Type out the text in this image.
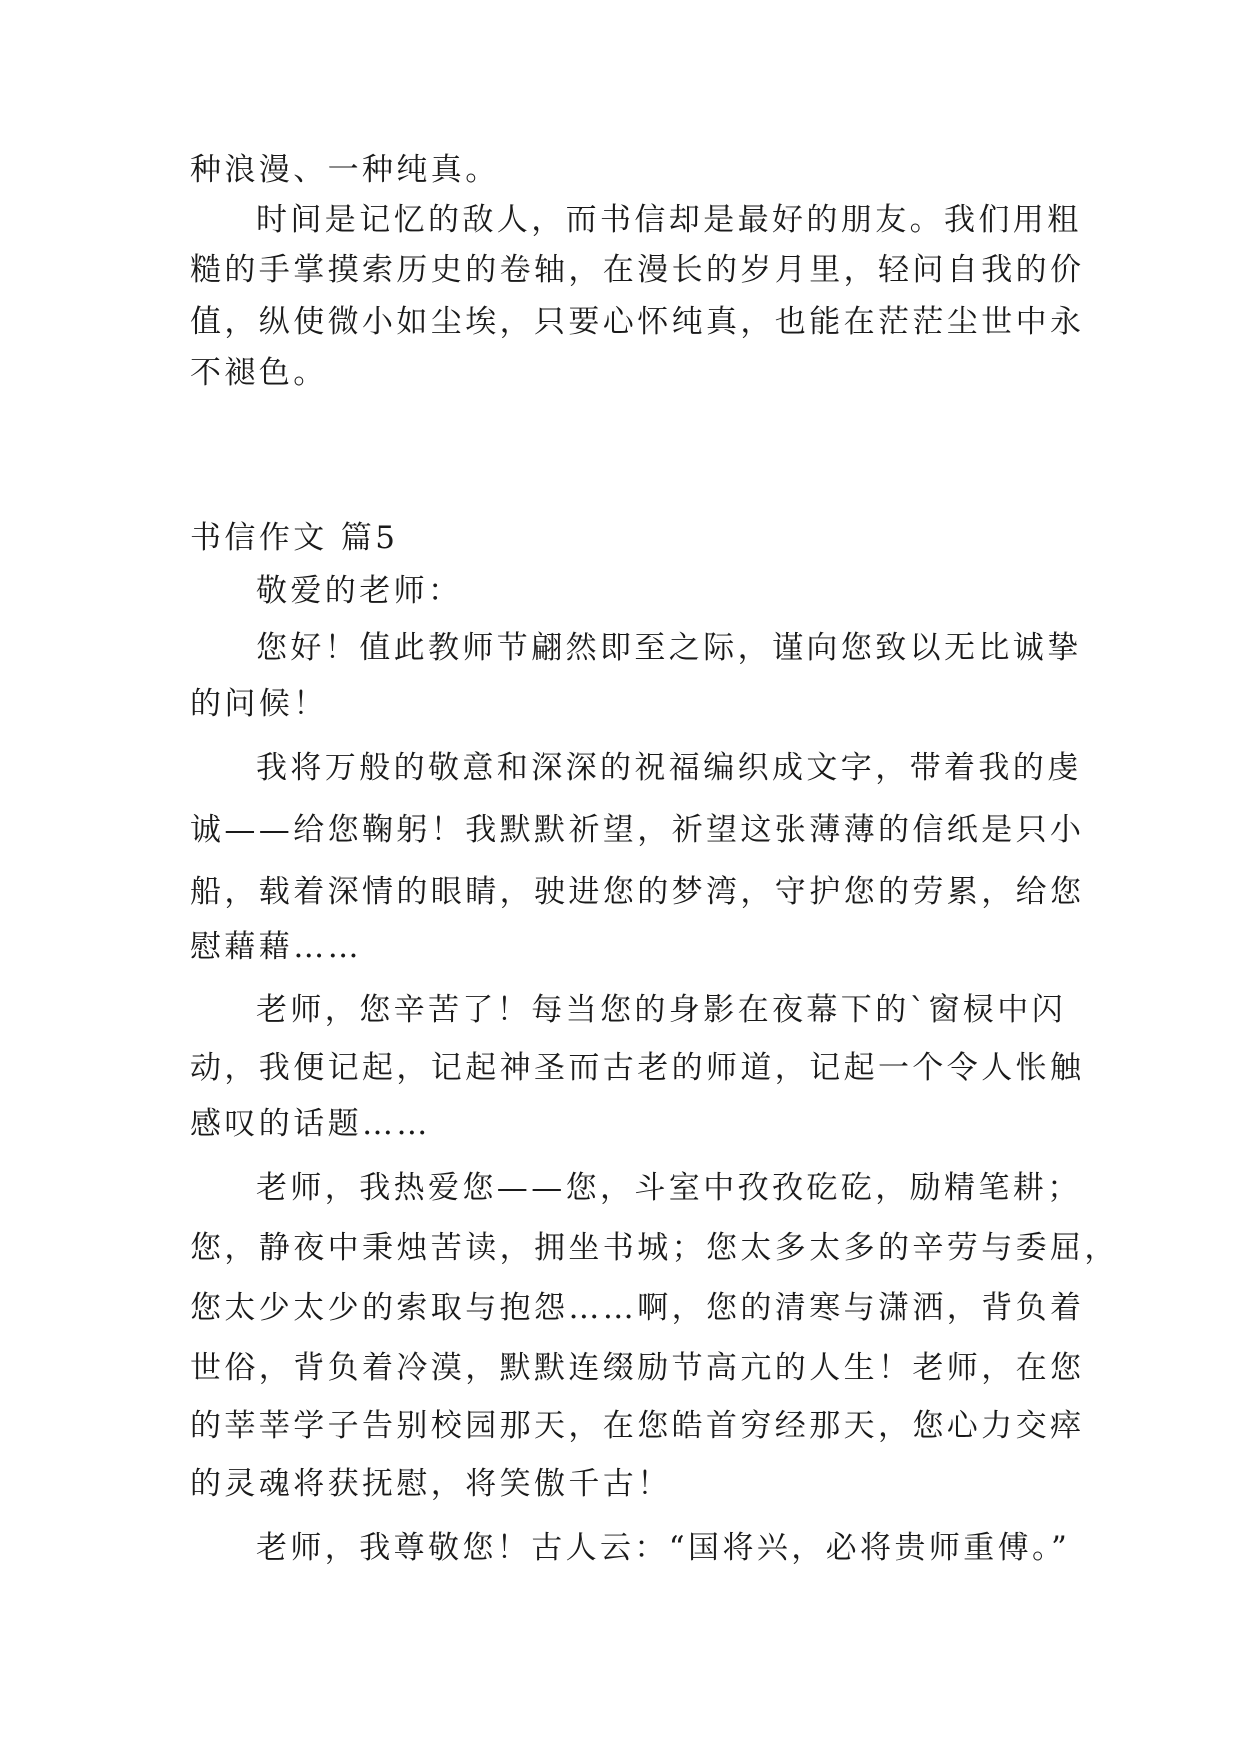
种浪漫、一种纯真。
时间是记忆的敌人，而书信却是最好的朋友。我们用粗
糙的手掌摸索历史的卷轴，在漫长的岁月里，轻问自我的价
值，纵使微小如尘埃，只要心怀纯真，也能在茫茫尘世中永
不褪色。
书信作文 篇5
敬爱的老师：
您好！值此教师节翩然即至之际，谨向您致以无比诚挚
的问候！
我将万般的敬意和深深的祝福编织成文字，带着我的虔
诚——给您鞠躬！我默默祈望，祈望这张薄薄的信纸是只小
船，载着深情的眼睛，驶进您的梦湾，守护您的劳累，给您
慰藉藉……
老师，您辛苦了！每当您的身影在夜幕下的`窗棂中闪
动，我便记起，记起神圣而古老的师道，记起一个令人怅触
感叹的话题……
老师，我热爱您——您，斗室中孜孜矻矻，励精笔耕；
您，静夜中秉烛苦读，拥坐书城；您太多太多的辛劳与委屈，
您太少太少的索取与抱怨……啊，您的清寒与潇洒，背负着
世俗，背负着冷漠，默默连缀励节高亢的人生！老师，在您
的莘莘学子告别校园那天，在您皓首穷经那天，您心力交瘁
的灵魂将获抚慰，将笑傲千古！
老师，我尊敬您！古人云：“国将兴，必将贵师重傅。”
